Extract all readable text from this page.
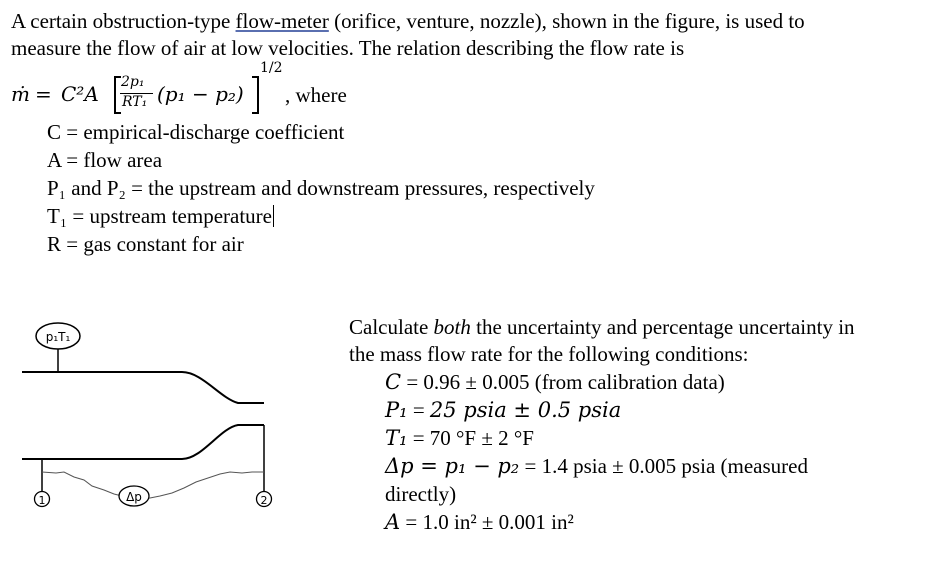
A certain obstruction-type flow-meter (orifice, venture, nozzle), shown in the figure, is used to
measure the flow of air at low velocities. The relation describing the flow rate is
ṁ = C²A 2p₁
RT₁ (p₁ − p₂)
1/2
, where
C = empirical-discharge coefficient
A = flow area
P₁ and P₂ = the upstream and downstream pressures, respectively
T₁ = upstream temperature
R = gas constant for air
p₁T₁
1	2
Δp
Calculate both the uncertainty and percentage uncertainty in
the mass flow rate for the following conditions:
C = 0.96 ± 0.005 (from calibration data)
P₁ = 25 psia ± 0.5 psia
T₁ = 70 °F ± 2 °F
Δp = p₁ − p₂ = 1.4 psia ± 0.005 psia (measured
directly)
A = 1.0 in² ± 0.001 in²
